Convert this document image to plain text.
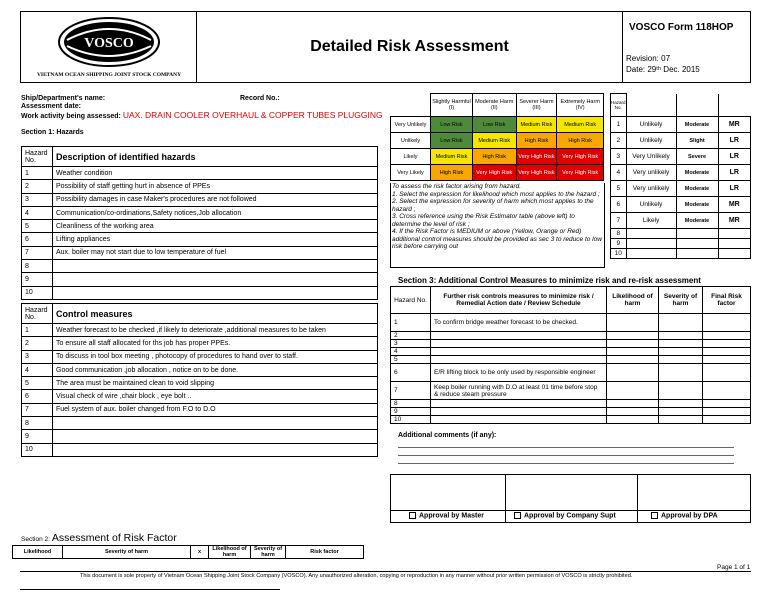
VOSCO
VIETNAM OCEAN SHIPPING JOINT STOCK COMPANY
Detailed Risk Assessment
VOSCO Form 118HOP
Revision: 07
Date: 29ᵗʰ Dec. 2015
Ship/Department's name:	Record No.:
Assessment date:
Work activity being assessed: UAX. DRAIN COOLER OVERHAUL & COPPER TUBES PLUGGING
Section 1: Hazards
Hazard No.	Description of identified hazards
1	Weather condition
2	Possibility of staff getting hurt in absence of PPEs
3	Possibility damages in case Maker's procedures are not followed
4	Communication/co-ordinations,Safety notices,Job allocation
5	Cleanliness of the working area
6	Lifting appliances
7	Aux. boiler may not start due to low temperature of fuel
8	
9	
10	
Hazard No.	Control measures
1	Weather forecast to be checked ,if likely to deteriorate ,additional measures to be taken
2	To ensure all staff allocated for ths job has proper PPEs.
3	To discuss in tool box meeting , photocopy of procedures to hand over to staff.
4	Good communication ,job allocation , notice on to be done.
5	The area must be maintained clean to void slipping
6	Visual check of wire ,chair block , eye bolt ..
7	Fuel system of aux. boiler changed from F.O to D.O
8	
9	
10	
Section 2: Assessment of Risk Factor
Likelihood	Severity of harm	x	Likelihood of harm	Severity of harm	Risk factor
	Slightly Harmful (I)	Moderate Harm (II)	Severer Harm (III)	Extremely Harm (IV)
Very Unlikely	Low Risk	Low Risk	Medium Risk	Medium Risk
Unlikely	Low Risk	Medium Risk	High Risk	High Risk
Likely	Medium Risk	High Risk	Very High Risk	Very High Risk
Very Likely	High Risk	Very High Risk	Very High Risk	Very High Risk
To assess the risk factor arising from hazard.
1. Select the expression for likelihood which most applies to the hazard ;
2. Select the expression for severity of harm which most applies to the hazard ;
3. Cross reference using the Risk Estimator table (above left) to determine the level of risk ;
4. If the Risk Factor is MEDIUM or above (Yellow, Orange or Red) additional control measures should be provided as sec 3 to reduce to low risk before carrying out
Hazard No.			
1	Unlikely	Moderate	MR
2	Unlikely	Slight	LR
3	Very Unlikely	Severe	LR
4	Very unlikely	Moderate	LR
5	Very unlikely	Moderate	LR
6	Unlikely	Moderate	MR
7	Likely	Moderate	MR
8			
9			
10			
Section 3: Additional Control Measures to minimize risk and re-risk assessment
Hazard No.	Further risk controls measures to minimize risk / Remedial Action date / Review Schedule	Likelihood of harm	Severity of harm	Final Risk factor
1	To confirm bridge weather forecast to be checked.			
2				
3				
4				
5				
6	E/R lifting block to be only used by responsible engineer			
7	Keep boiler running with D.O at least 01 time before stop & reduce steam pressure			
8				
9				
10				
Additional comments (if any):
Approval by Master	Approval by Company Supt	Approval by DPA
Page 1 of 1
This document is sole property of Vietnam Ocean Shipping Joint Stock Company (VOSCO). Any unauthorized alteration, copying or reproduction in any manner without prior written permission of VOSCO is strictly prohibited.
